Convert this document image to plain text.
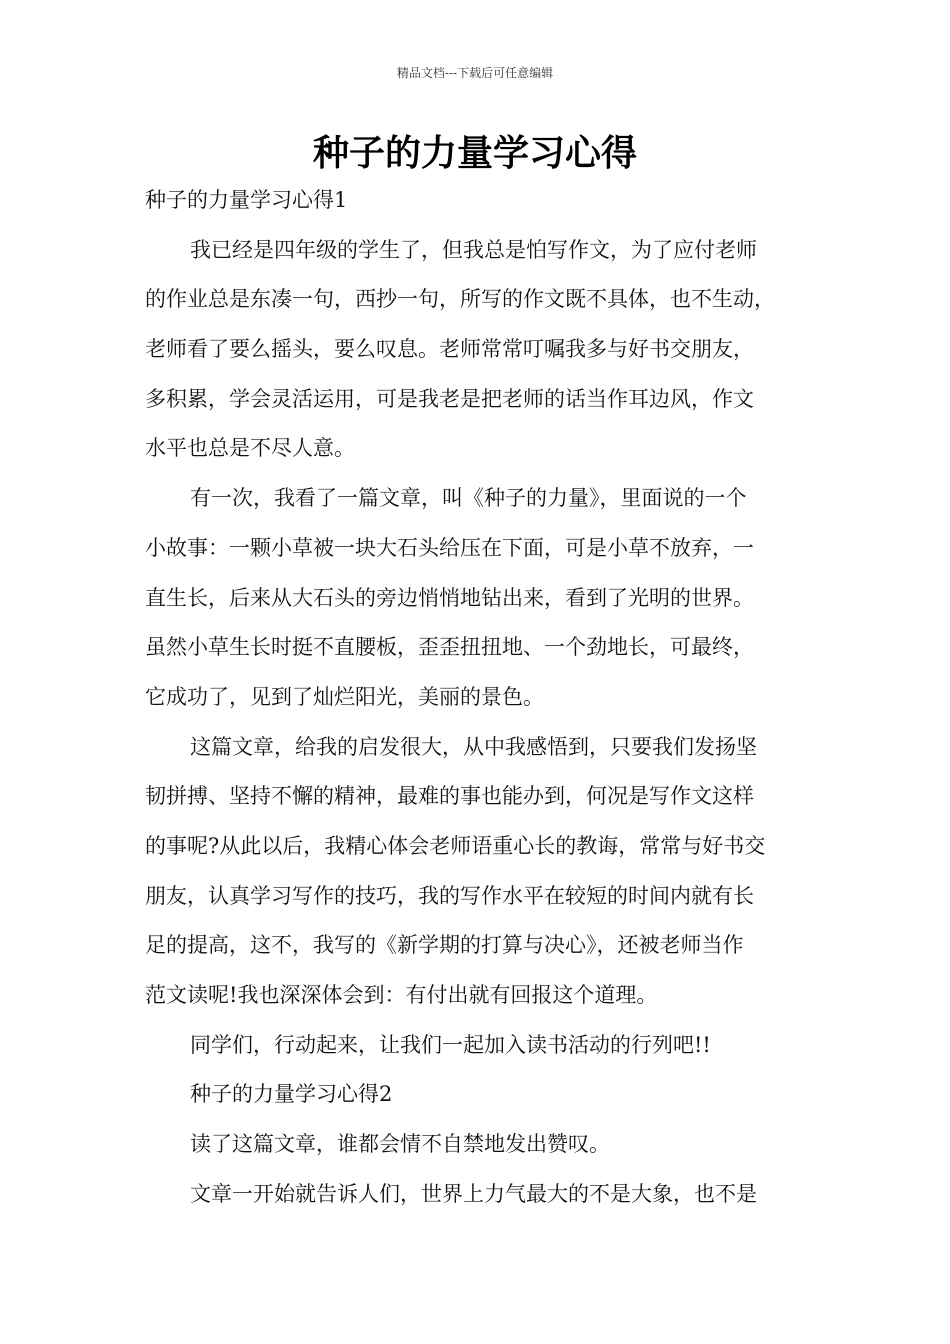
精品文档---下载后可任意编辑
种子的力量学习心得
种子的力量学习心得1
我已经是四年级的学生了，但我总是怕写作文，为了应付老师
的作业总是东凑一句，西抄一句，所写的作文既不具体，也不生动，
老师看了要么摇头，要么叹息。老师常常叮嘱我多与好书交朋友，
多积累，学会灵活运用，可是我老是把老师的话当作耳边风，作文
水平也总是不尽人意。
有一次，我看了一篇文章，叫《种子的力量》，里面说的一个
小故事：一颗小草被一块大石头给压在下面，可是小草不放弃，一
直生长，后来从大石头的旁边悄悄地钻出来，看到了光明的世界。
虽然小草生长时挺不直腰板，歪歪扭扭地、一个劲地长，可最终，
它成功了，见到了灿烂阳光，美丽的景色。
这篇文章，给我的启发很大，从中我感悟到，只要我们发扬坚
韧拼搏、坚持不懈的精神，最难的事也能办到，何况是写作文这样
的事呢?从此以后，我精心体会老师语重心长的教诲，常常与好书交
朋友，认真学习写作的技巧，我的写作水平在较短的时间内就有长
足的提高，这不，我写的《新学期的打算与决心》，还被老师当作
范文读呢!我也深深体会到：有付出就有回报这个道理。
同学们，行动起来，让我们一起加入读书活动的行列吧!!
种子的力量学习心得2
读了这篇文章，谁都会情不自禁地发出赞叹。
文章一开始就告诉人们，世界上力气最大的不是大象，也不是
